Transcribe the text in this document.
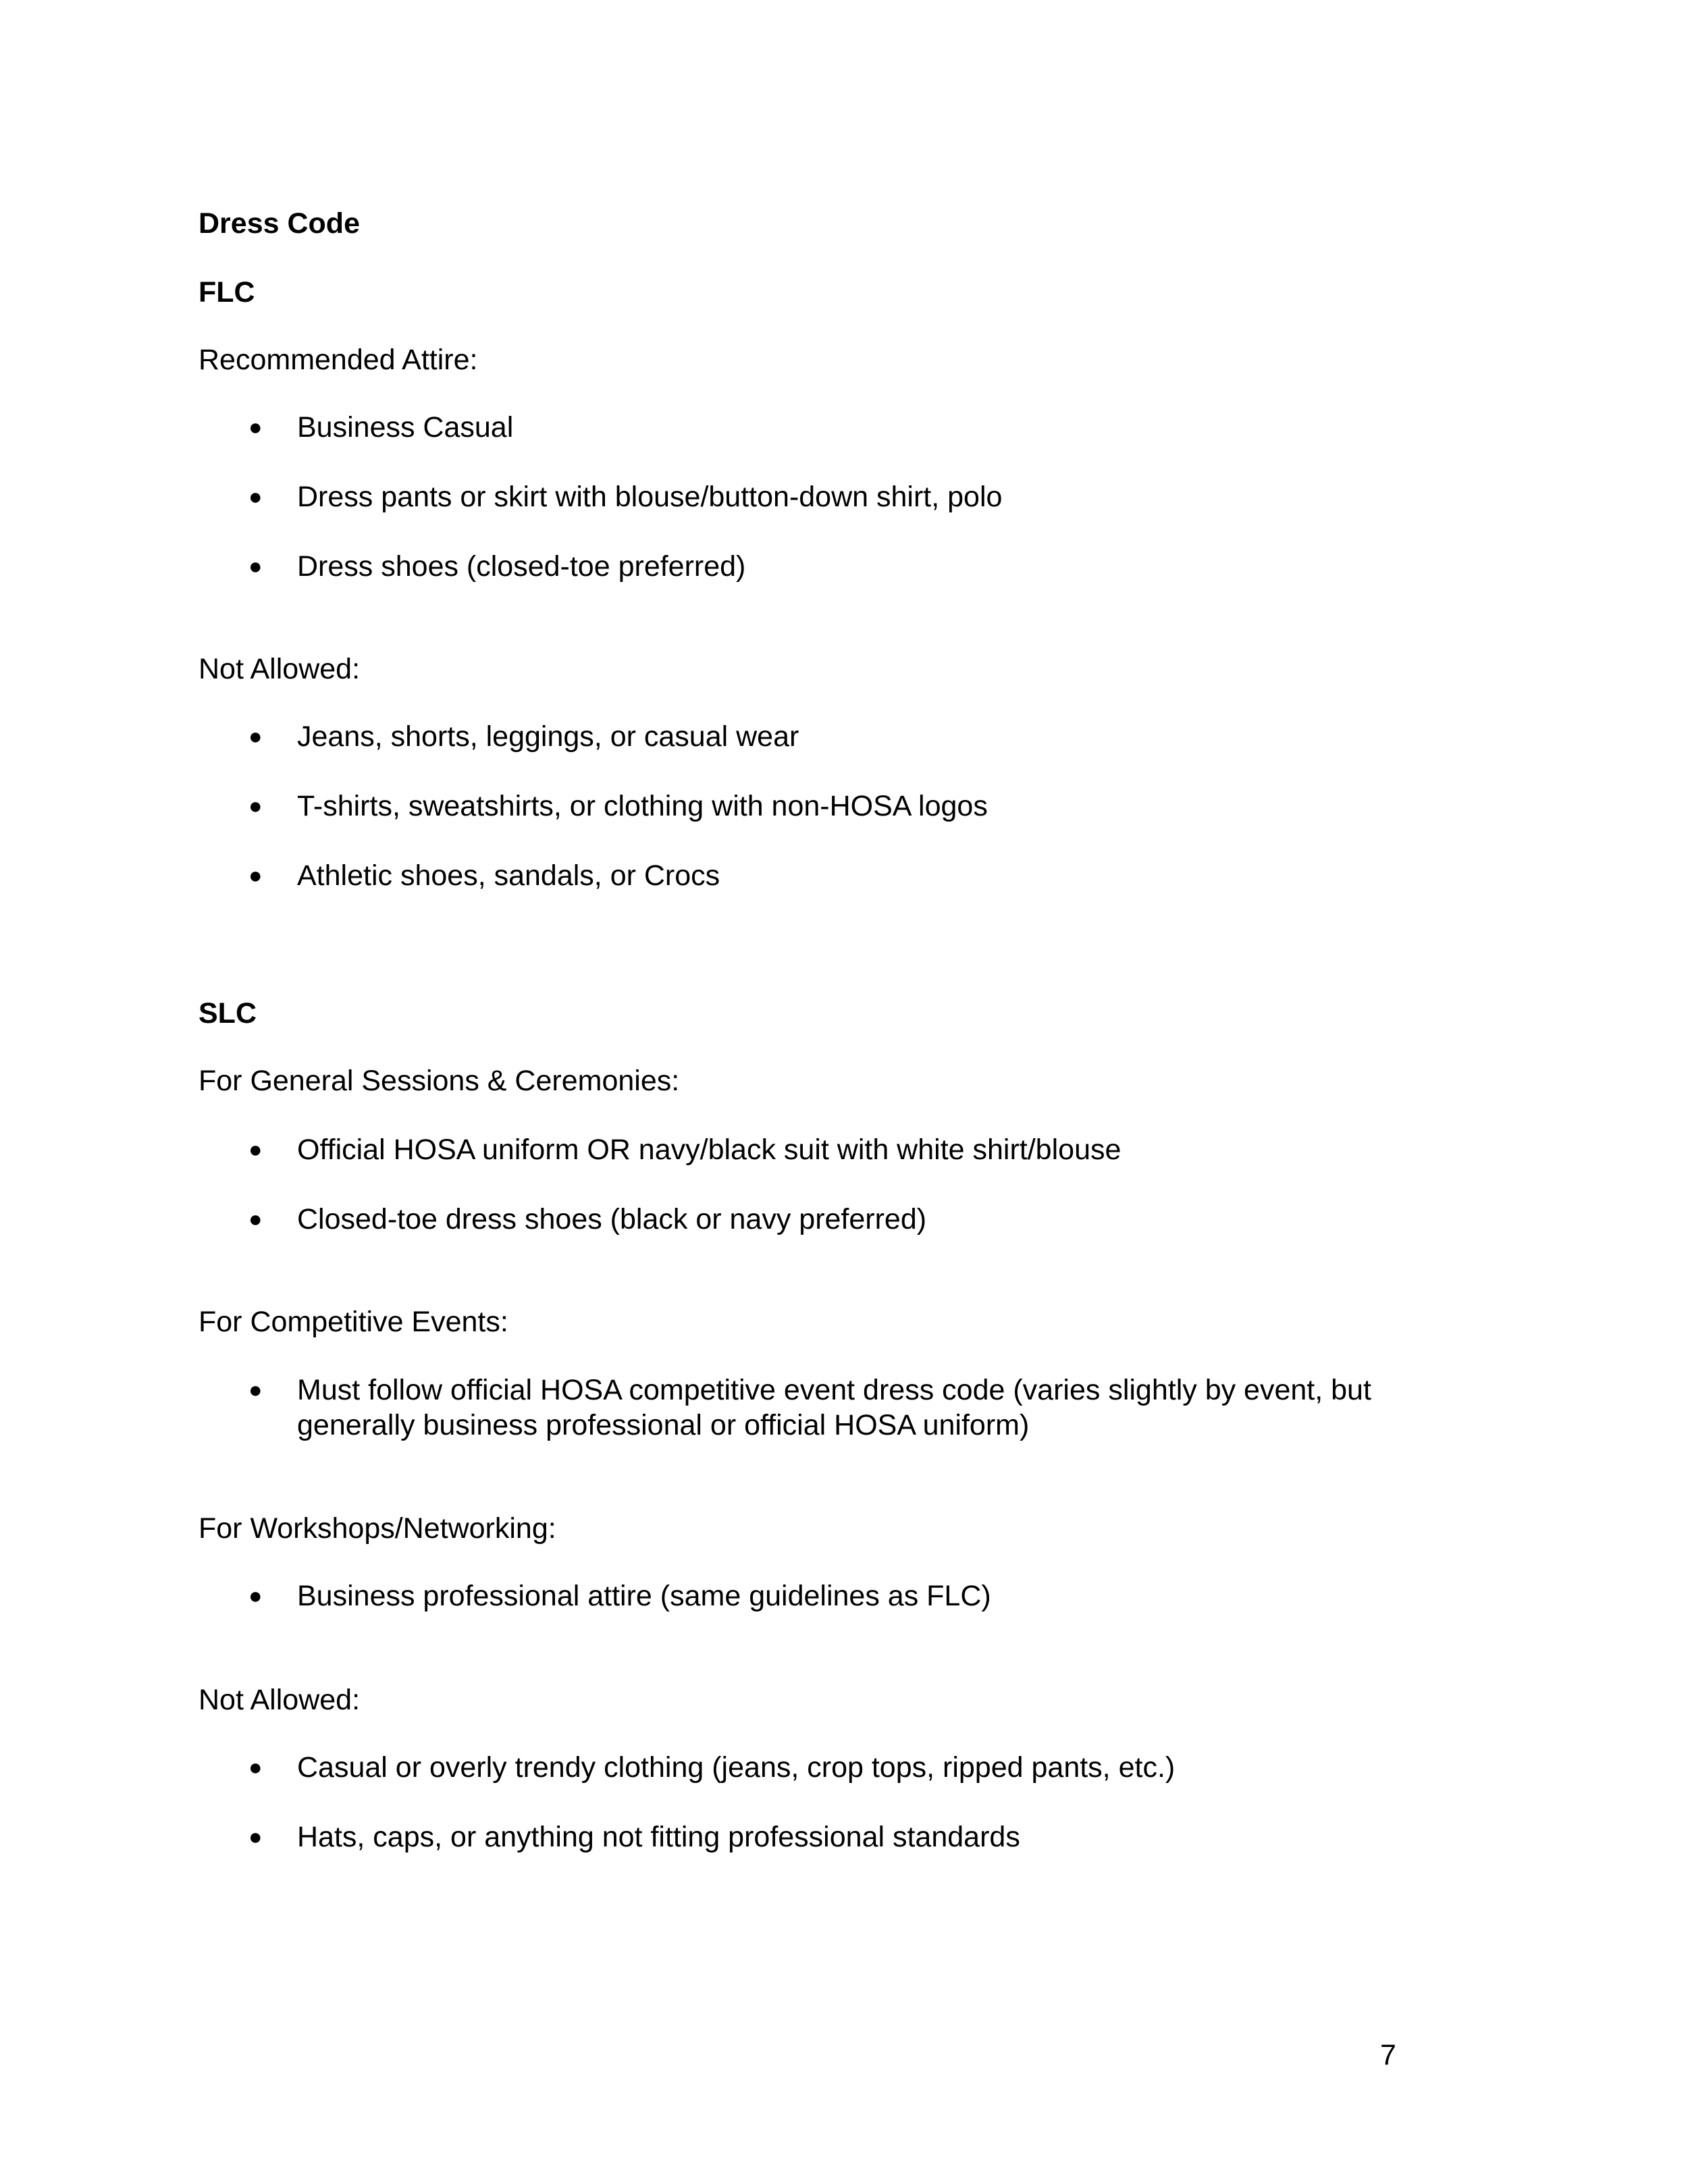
Dress Code
FLC
Recommended Attire:
● Business Casual
● Dress pants or skirt with blouse/button-down shirt, polo
● Dress shoes (closed-toe preferred)
Not Allowed:
● Jeans, shorts, leggings, or casual wear
● T-shirts, sweatshirts, or clothing with non-HOSA logos
● Athletic shoes, sandals, or Crocs
SLC
For General Sessions & Ceremonies:
● Official HOSA uniform OR navy/black suit with white shirt/blouse
● Closed-toe dress shoes (black or navy preferred)
For Competitive Events:
● Must follow official HOSA competitive event dress code (varies slightly by event, but
generally business professional or official HOSA uniform)
For Workshops/Networking:
● Business professional attire (same guidelines as FLC)
Not Allowed:
● Casual or overly trendy clothing (jeans, crop tops, ripped pants, etc.)
● Hats, caps, or anything not fitting professional standards
7
